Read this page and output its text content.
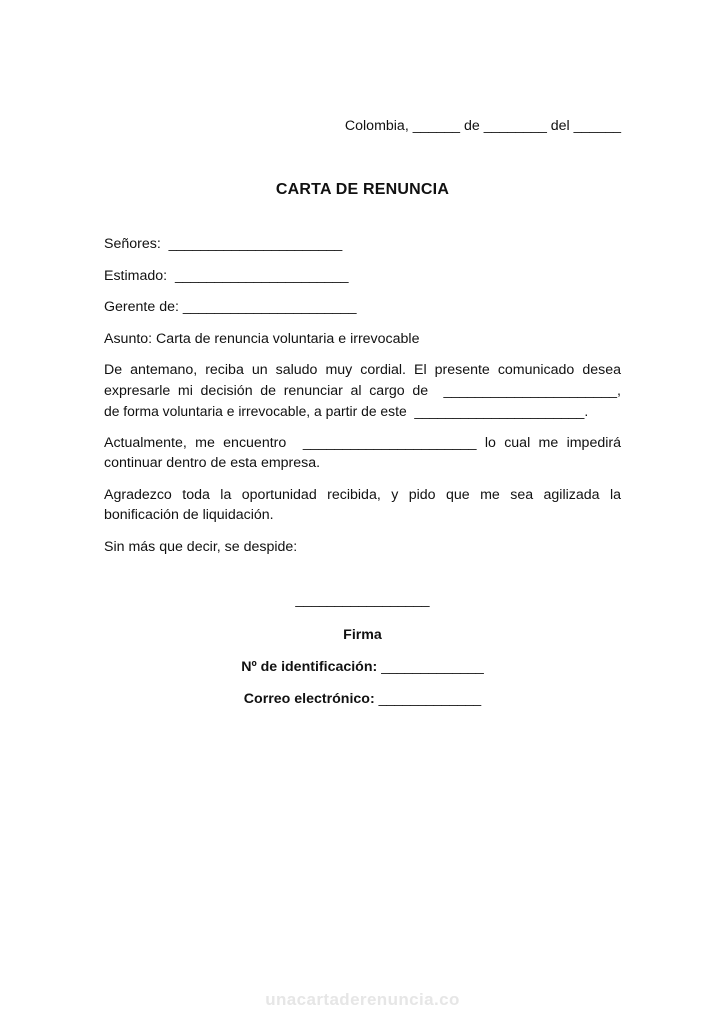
Colombia, ______ de ________ del ______
CARTA DE RENUNCIA

Señores:  ______________________

Estimado:  ______________________

Gerente de: ______________________

Asunto: Carta de renuncia voluntaria e irrevocable

De antemano, reciba un saludo muy cordial. El presente comunicado desea

expresarle mi decisión de renunciar al cargo de  ______________________,

de forma voluntaria e irrevocable, a partir de este  ______________________.

Actualmente, me encuentro  ______________________ lo cual me impedirá

continuar dentro de esta empresa.

Agradezco toda la oportunidad recibida, y pido que me sea agilizada la

bonificación de liquidación.

Sin más que decir, se despide:

_________________

Firma

Nº de identificación: _____________

Correo electrónico: _____________

unacartaderenuncia.co
